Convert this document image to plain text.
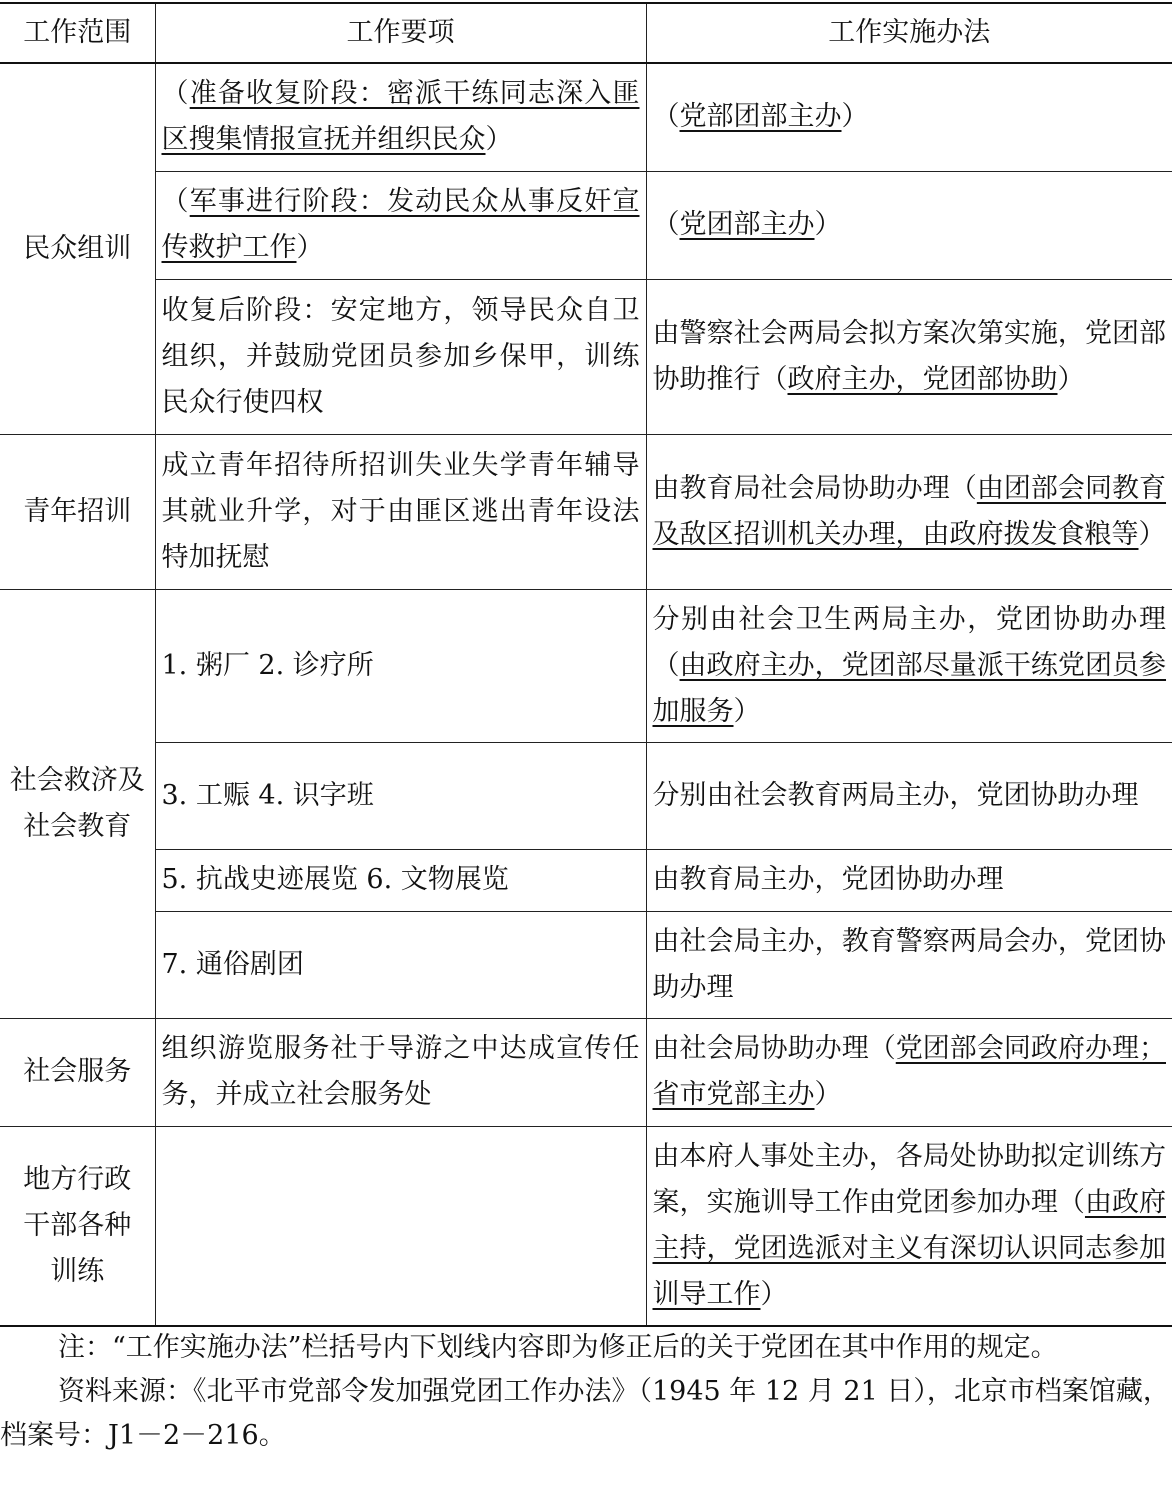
工作范围	工作要项	工作实施办法
民众组训	（准备收复阶段：密派干练同志深入匪区搜集情报宣抚并组织民众）	（党部团部主办）
	（军事进行阶段：发动民众从事反奸宣传救护工作）	（党团部主办）
	收复后阶段：安定地方，领导民众自卫组织，并鼓励党团员参加乡保甲，训练民众行使四权	由警察社会两局会拟方案次第实施，党团部协助推行（政府主办，党团部协助）
青年招训	成立青年招待所招训失业失学青年辅导其就业升学，对于由匪区逃出青年设法特加抚慰	由教育局社会局协助办理（由团部会同教育及敌区招训机关办理，由政府拨发食粮等）
社会救济及社会教育	1. 粥厂 2. 诊疗所	分别由社会卫生两局主办，党团协助办理（由政府主办，党团部尽量派干练党团员参加服务）
	3. 工赈 4. 识字班	分别由社会教育两局主办，党团协助办理
	5. 抗战史迹展览 6. 文物展览	由教育局主办，党团协助办理
	7. 通俗剧团	由社会局主办，教育警察两局会办，党团协助办理
社会服务	组织游览服务社于导游之中达成宣传任务，并成立社会服务处	由社会局协助办理（党团部会同政府办理；省市党部主办）
地方行政干部各种训练		由本府人事处主办，各局处协助拟定训练方案，实施训导工作由党团参加办理（由政府主持，党团选派对主义有深切认识同志参加训导工作）

注：“工作实施办法”栏括号内下划线内容即为修正后的关于党团在其中作用的规定。

资料来源：《北平市党部令发加强党团工作办法》（1945 年 12 月 21 日），北京市档案馆藏，档案号：J1－2－216。
